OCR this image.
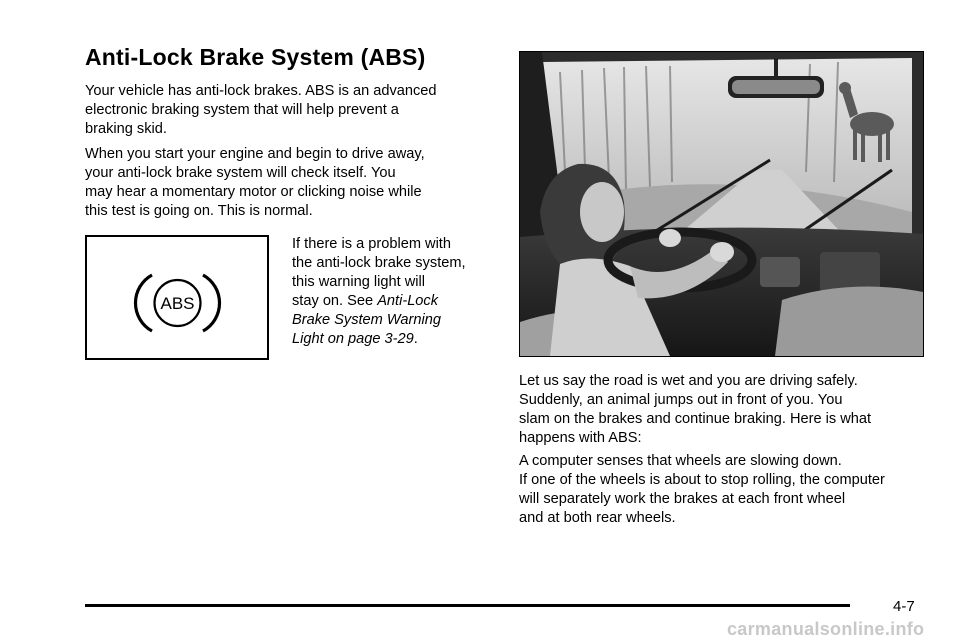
Anti-Lock Brake System (ABS)

Your vehicle has anti-lock brakes. ABS is an advanced
electronic braking system that will help prevent a
braking skid.

When you start your engine and begin to drive away,
your anti-lock brake system will check itself. You
may hear a momentary motor or clicking noise while
this test is going on. This is normal.

ABS

If there is a problem with
the anti-lock brake system,
this warning light will
stay on. See Anti-Lock
Brake System Warning
Light on page 3-29.

Let us say the road is wet and you are driving safely.
Suddenly, an animal jumps out in front of you. You
slam on the brakes and continue braking. Here is what
happens with ABS:

A computer senses that wheels are slowing down.
If one of the wheels is about to stop rolling, the computer
will separately work the brakes at each front wheel
and at both rear wheels.

4-7
carmanualsonline.info
